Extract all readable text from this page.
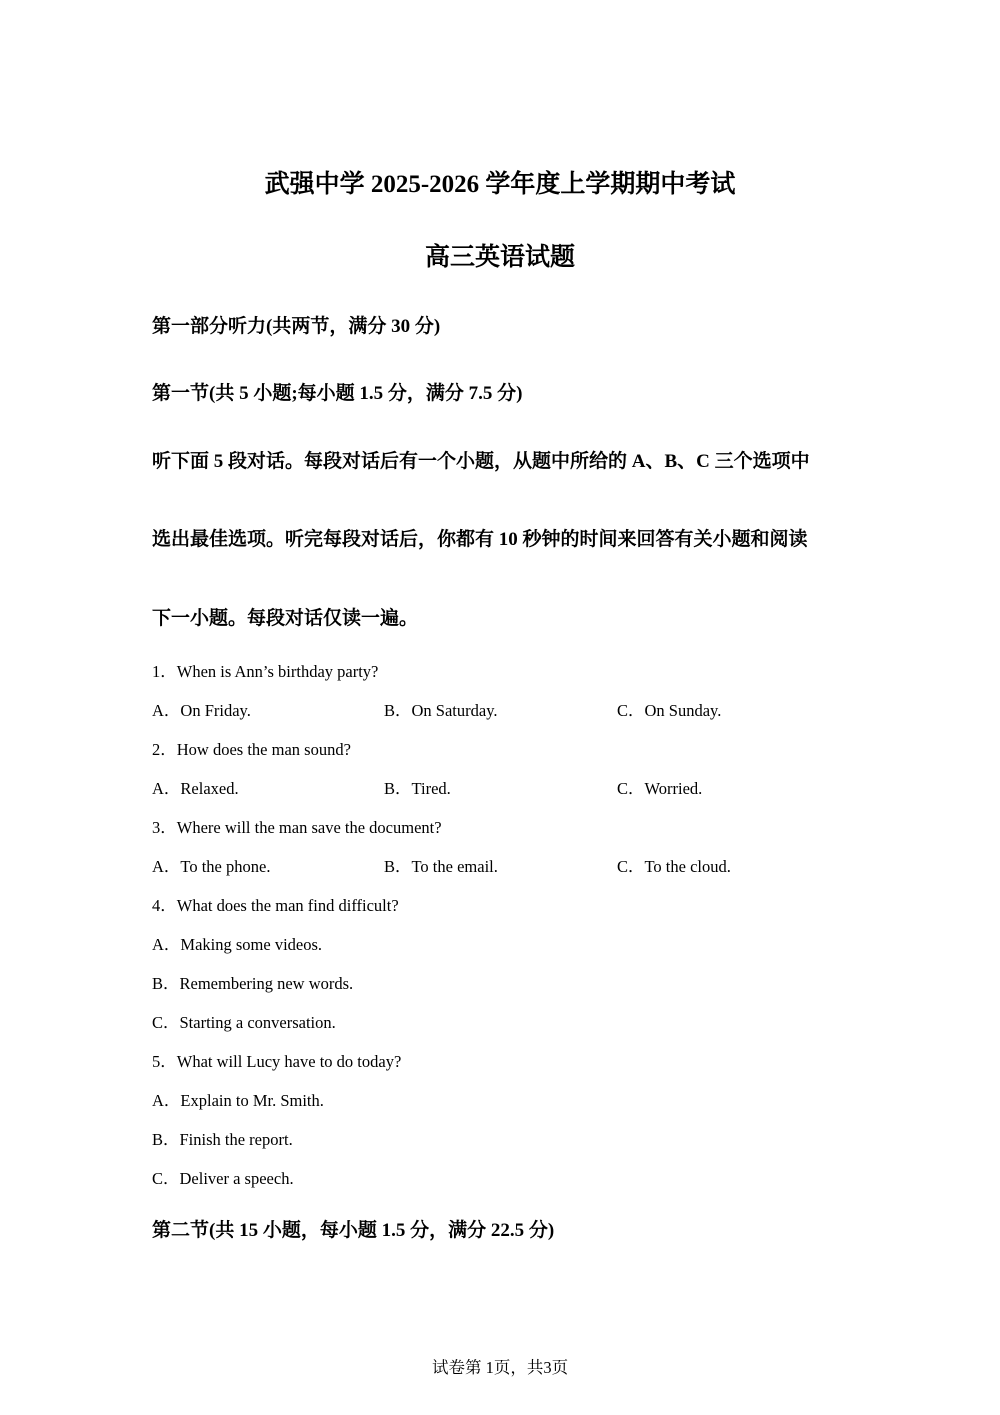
武强中学 2025-2026 学年度上学期期中考试
高三英语试题
第一部分听力(共两节，满分 30 分)
第一节(共 5 小题;每小题 1.5 分，满分 7.5 分)
听下面 5 段对话。每段对话后有一个小题，从题中所给的 A、B、C 三个选项中
选出最佳选项。听完每段对话后，你都有 10 秒钟的时间来回答有关小题和阅读
下一小题。每段对话仅读一遍。
1．When is Ann’s birthday party?
A．On Friday.	B．On Saturday.	C．On Sunday.
2．How does the man sound?
A．Relaxed.	B．Tired.	C．Worried.
3．Where will the man save the document?
A．To the phone.	B．To the email.	C．To the cloud.
4．What does the man find difficult?
A．Making some videos.
B．Remembering new words.
C．Starting a conversation.
5．What will Lucy have to do today?
A．Explain to Mr. Smith.
B．Finish the report.
C．Deliver a speech.
第二节(共 15 小题，每小题 1.5 分，满分 22.5 分)
试卷第 1页，共3页
